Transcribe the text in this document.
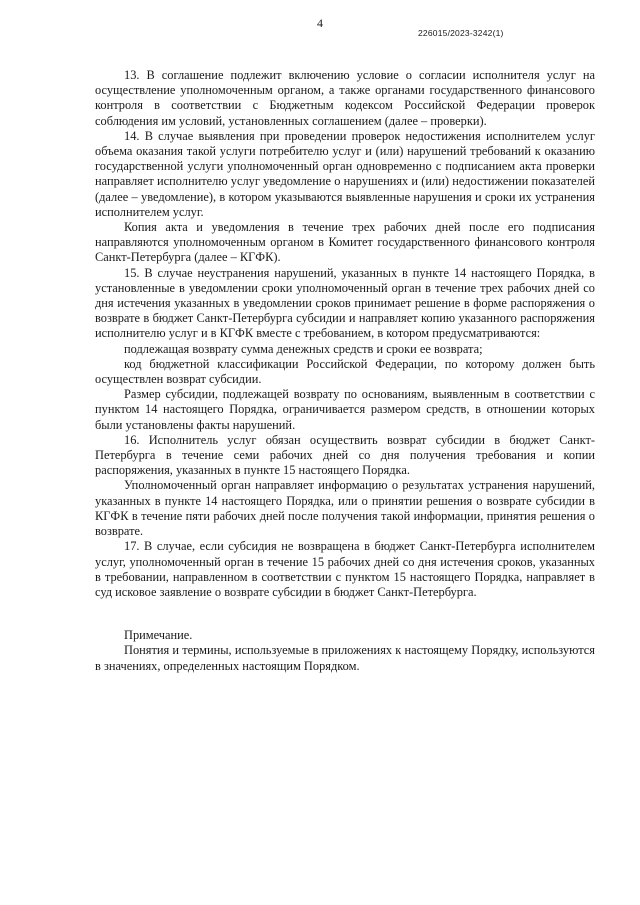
4
226015/2023-3242(1)

13. В соглашение подлежит включению условие о согласии исполнителя услуг на осуществление уполномоченным органом, а также органами государственного финансового контроля в соответствии с Бюджетным кодексом Российской Федерации проверок соблюдения им условий, установленных соглашением (далее – проверки).

14. В случае выявления при проведении проверок недостижения исполнителем услуг объема оказания такой услуги потребителю услуг и (или) нарушений требований к оказанию государственной услуги уполномоченный орган одновременно с подписанием акта проверки направляет исполнителю услуг уведомление о нарушениях и (или) недостижении показателей (далее – уведомление), в котором указываются выявленные нарушения и сроки их устранения исполнителем услуг.

Копия акта и уведомления в течение трех рабочих дней после его подписания направляются уполномоченным органом в Комитет государственного финансового контроля Санкт-Петербурга (далее – КГФК).

15. В случае неустранения нарушений, указанных в пункте 14 настоящего Порядка, в установленные в уведомлении сроки уполномоченный орган в течение трех рабочих дней со дня истечения указанных в уведомлении сроков принимает решение в форме распоряжения о возврате в бюджет Санкт-Петербурга субсидии и направляет копию указанного распоряжения исполнителю услуг и в КГФК вместе с требованием, в котором предусматриваются:

подлежащая возврату сумма денежных средств и сроки ее возврата;

код бюджетной классификации Российской Федерации, по которому должен быть осуществлен возврат субсидии.

Размер субсидии, подлежащей возврату по основаниям, выявленным в соответствии с пунктом 14 настоящего Порядка, ограничивается размером средств, в отношении которых были установлены факты нарушений.

16. Исполнитель услуг обязан осуществить возврат субсидии в бюджет Санкт-Петербурга в течение семи рабочих дней со дня получения требования и копии распоряжения, указанных в пункте 15 настоящего Порядка.

Уполномоченный орган направляет информацию о результатах устранения нарушений, указанных в пункте 14 настоящего Порядка, или о принятии решения о возврате субсидии в КГФК в течение пяти рабочих дней после получения такой информации, принятия решения о возврате.

17. В случае, если субсидия не возвращена в бюджет Санкт-Петербурга исполнителем услуг, уполномоченный орган в течение 15 рабочих дней со дня истечения сроков, указанных в требовании, направленном в соответствии с пунктом 15 настоящего Порядка, направляет в суд исковое заявление о возврате субсидии в бюджет Санкт-Петербурга.

Примечание.

Понятия и термины, используемые в приложениях к настоящему Порядку, используются в значениях, определенных настоящим Порядком.
